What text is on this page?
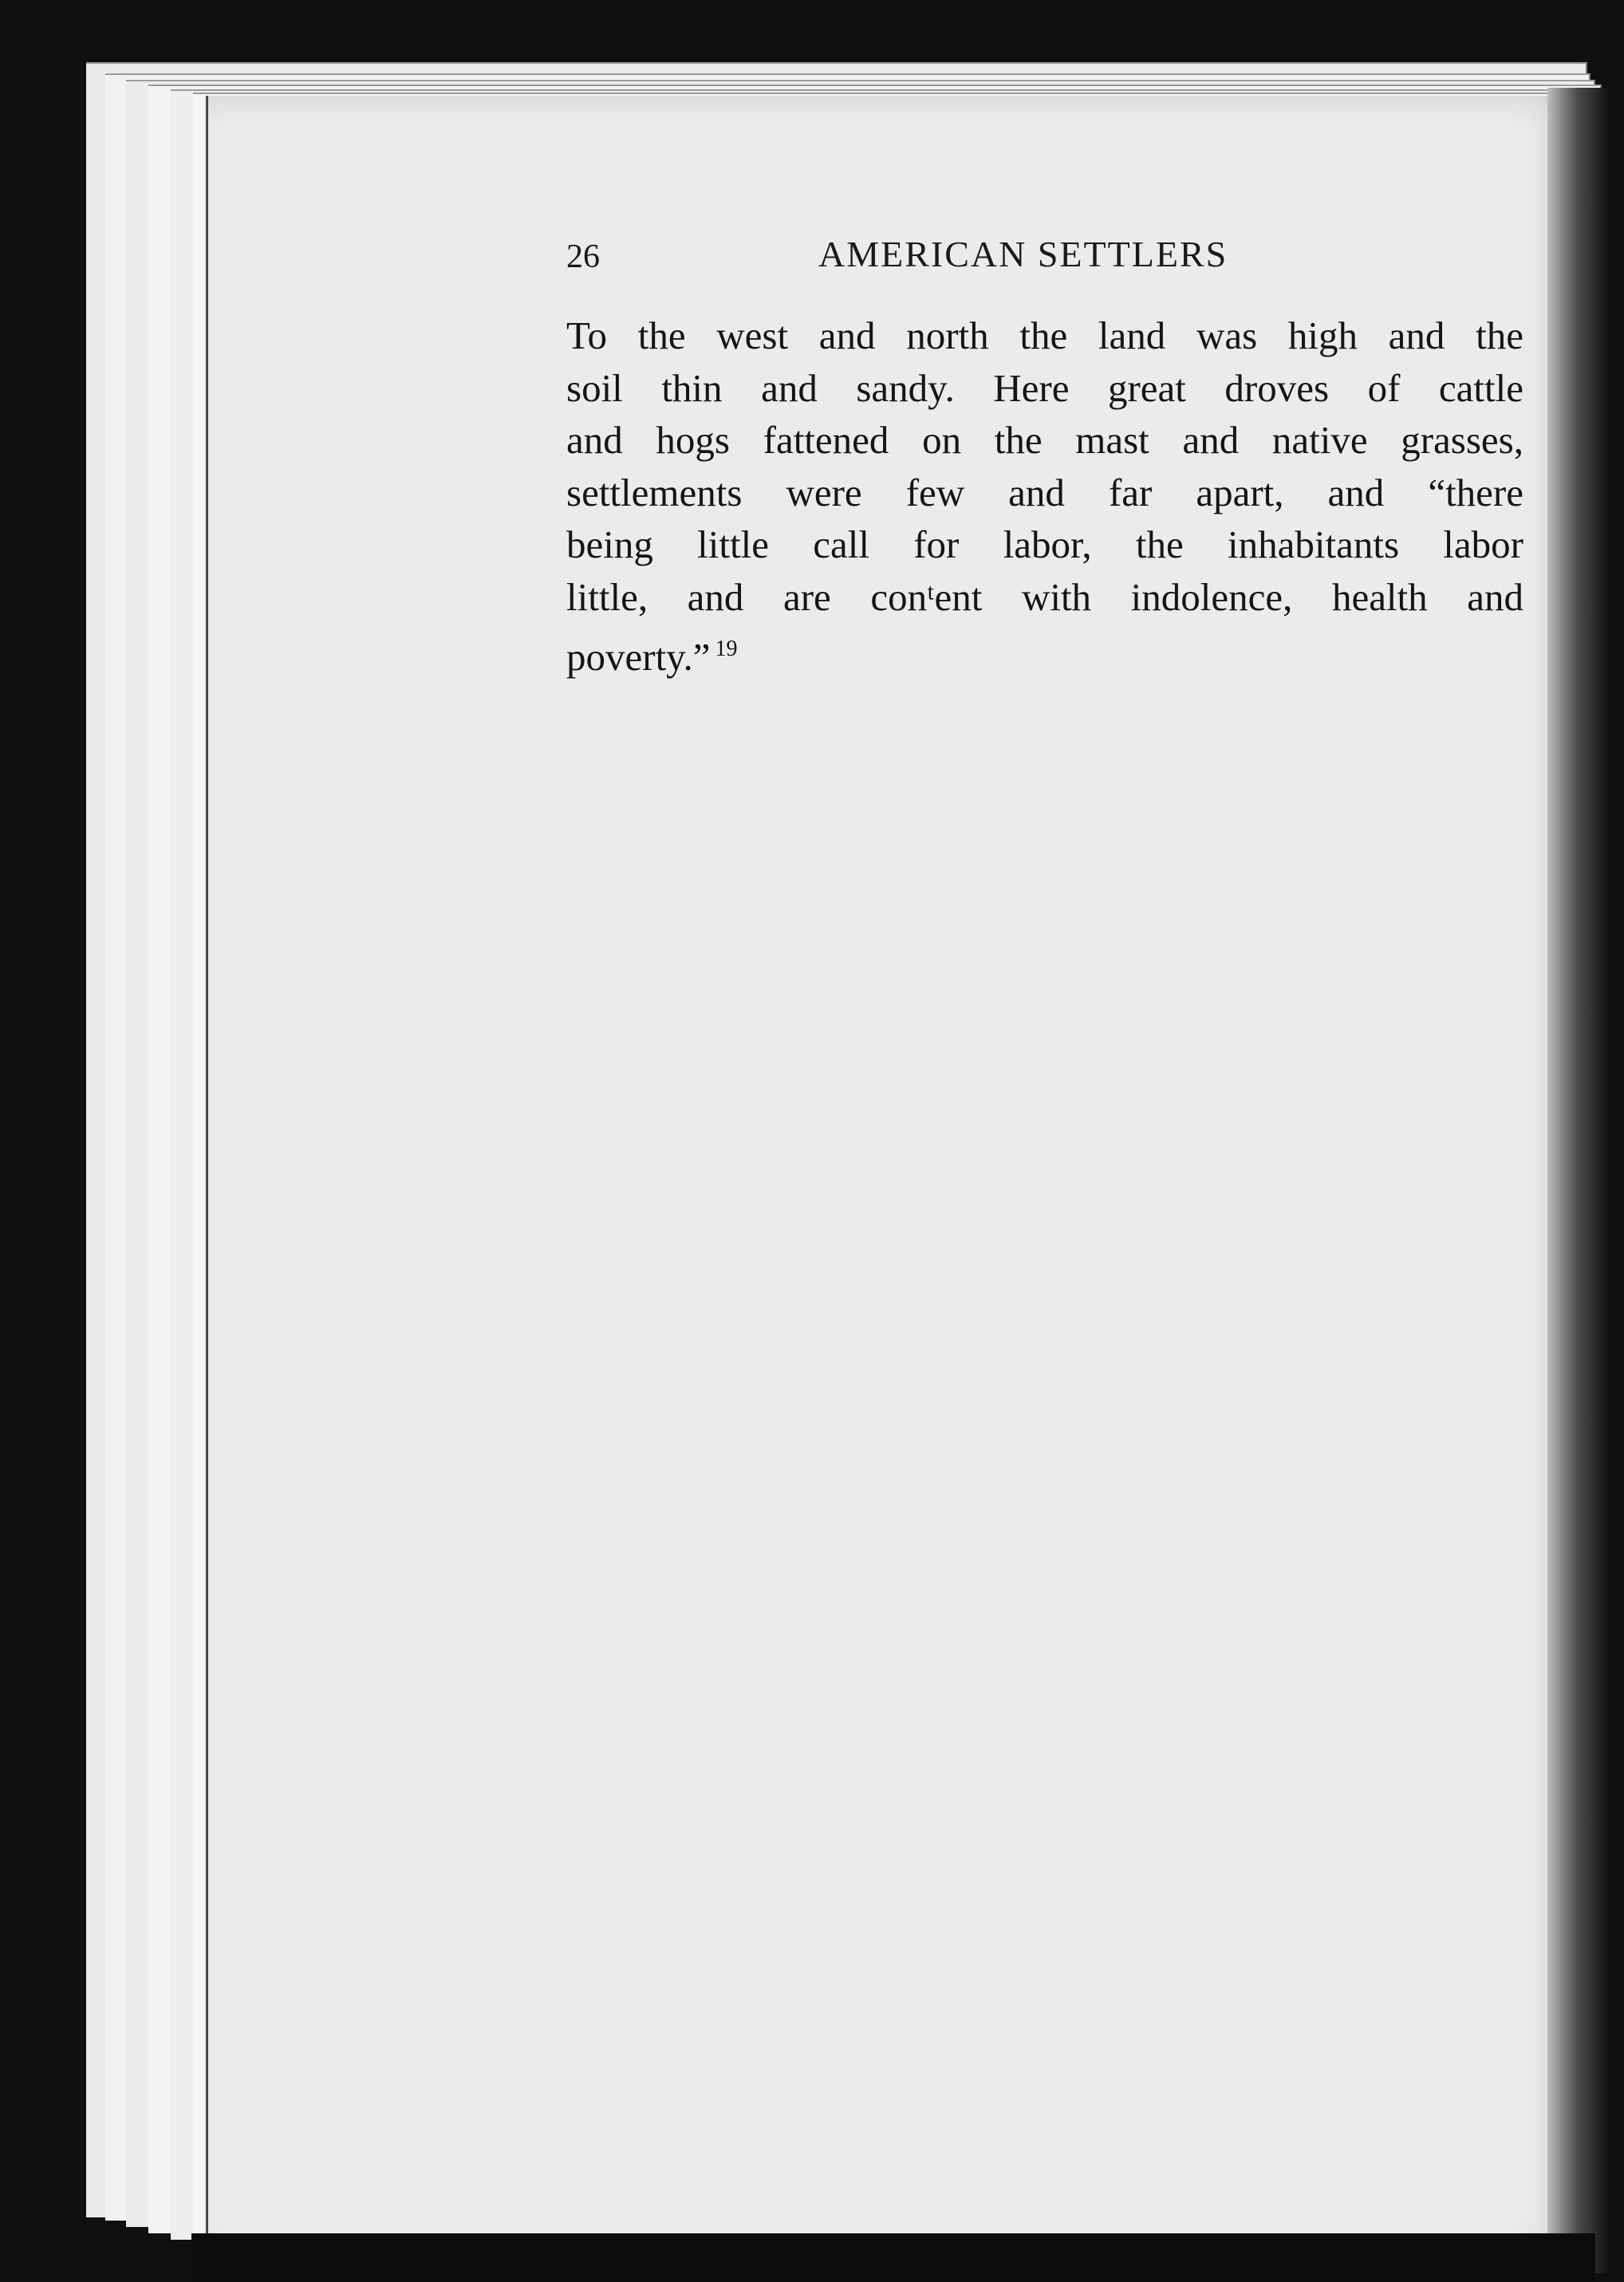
26	AMERICAN SETTLERS
To the west and north the land was high and the
soil thin and sandy. Here great droves of cattle
and hogs fattened on the mast and native grasses,
settlements were few and far apart, and “there
being little call for labor, the inhabitants labor
little, and are conᵗent with indolence, health and
poverty.” $^{19}$
